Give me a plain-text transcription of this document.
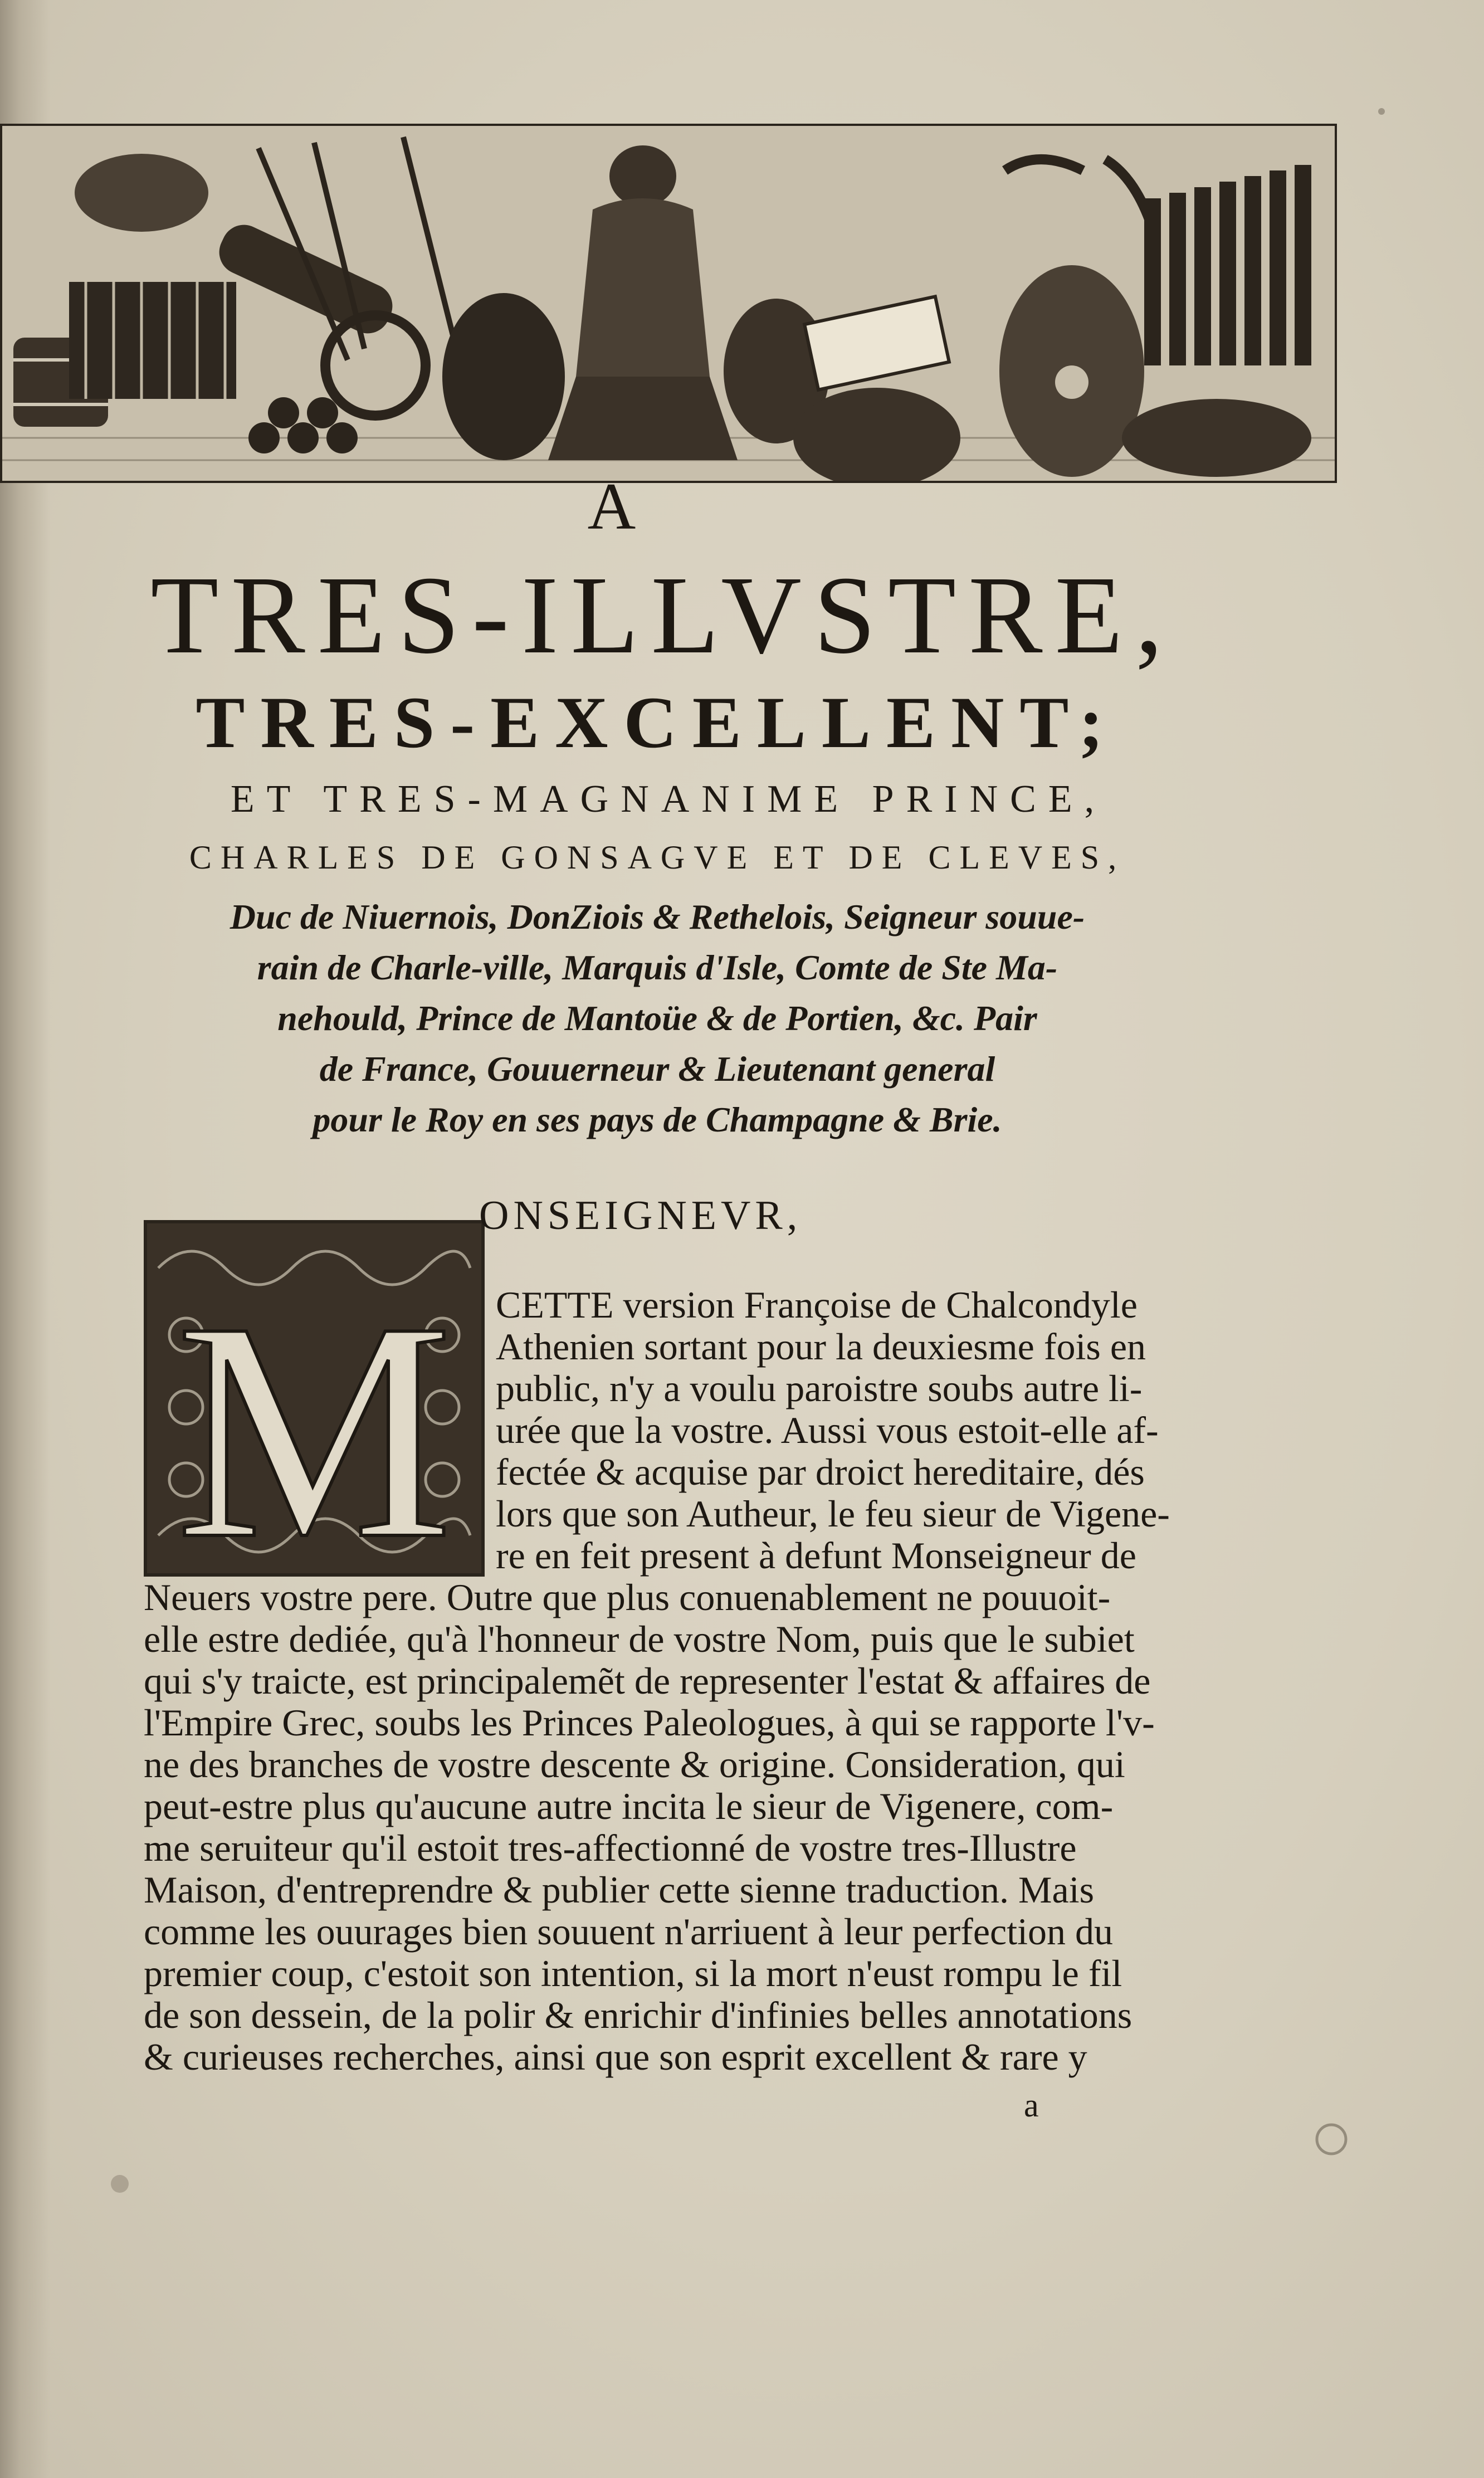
A
TRES-ILLVSTRE,
TRES-EXCELLENT;
ET TRES-MAGNANIME PRINCE,
CHARLES DE GONSAGVE ET DE CLEVES,
Duc de Niuernois, DonZiois & Rethelois, Seigneur souue-
rain de Charle-ville, Marquis d'Isle, Comte de Ste Ma-
nehould, Prince de Mantoüe & de Portien, &c. Pair
de France, Gouuerneur & Lieutenant general
pour le Roy en ses pays de Champagne & Brie.
M
ONSEIGNEVR,
CETTE version Françoise de Chalcondyle
Athenien sortant pour la deuxiesme fois en
public, n'y a voulu paroistre soubs autre li-
urée que la vostre. Aussi vous estoit-elle af-
fectée & acquise par droict hereditaire, dés
lors que son Autheur, le feu sieur de Vigene-
re en feit present à defunt Monseigneur de
Neuers vostre pere. Outre que plus conuenablement ne pouuoit-
elle estre dediée, qu'à l'honneur de vostre Nom, puis que le subiet
qui s'y traicte, est principalemẽt de representer l'estat & affaires de
l'Empire Grec, soubs les Princes Paleologues, à qui se rapporte l'v-
ne des branches de vostre descente & origine. Consideration, qui
peut-estre plus qu'aucune autre incita le sieur de Vigenere, com-
me seruiteur qu'il estoit tres-affectionné de vostre tres-Illustre
Maison, d'entreprendre & publier cette sienne traduction. Mais
comme les ouurages bien souuent n'arriuent à leur perfection du
premier coup, c'estoit son intention, si la mort n'eust rompu le fil
de son dessein, de la polir & enrichir d'infinies belles annotations
& curieuses recherches, ainsi que son esprit excellent & rare y
a
